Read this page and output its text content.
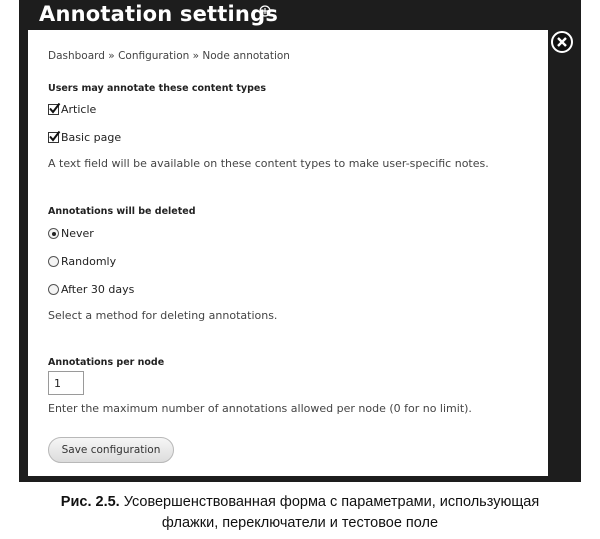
Annotation settings
Dashboard » Configuration » Node annotation
Users may annotate these content types
Article
Basic page
A text field will be available on these content types to make user-specific notes.
Annotations will be deleted
Never
Randomly
After 30 days
Select a method for deleting annotations.
Annotations per node
1
Enter the maximum number of annotations allowed per node (0 for no limit).
Save configuration
Рис. 2.5. Усовершенствованная форма с параметрами, использующая
флажки, переключатели и тестовое поле
